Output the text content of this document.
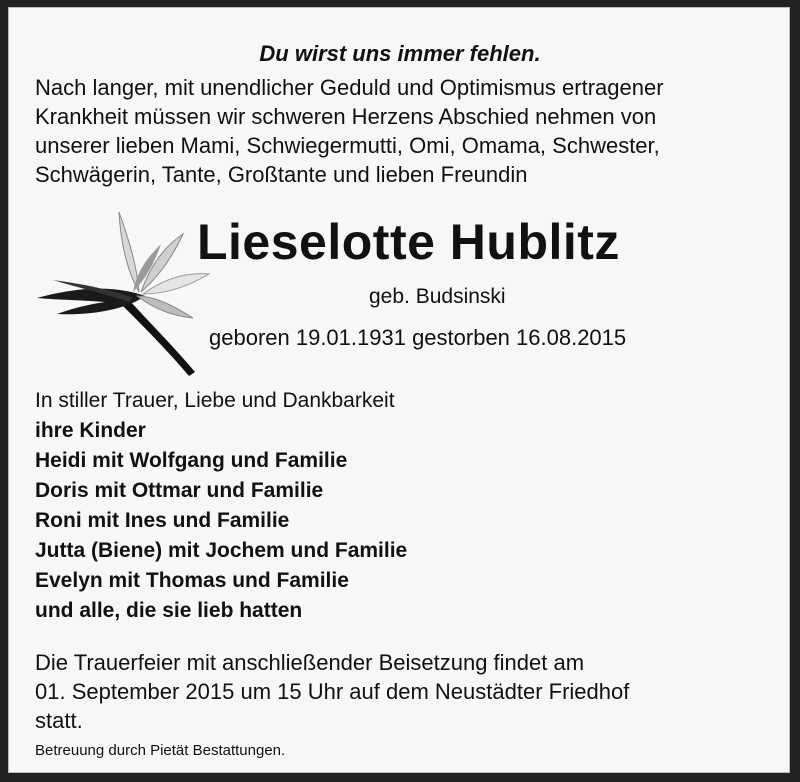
Du wirst uns immer fehlen.
Nach langer, mit unendlicher Geduld und Optimismus ertragener
Krankheit müssen wir schweren Herzens Abschied nehmen von
unserer lieben Mami, Schwiegermutti, Omi, Omama, Schwester,
Schwägerin, Tante, Großtante und lieben Freundin
Lieselotte Hublitz
geb. Budsinski
geboren 19.01.1931 gestorben 16.08.2015
In stiller Trauer, Liebe und Dankbarkeit
ihre Kinder
Heidi mit Wolfgang und Familie
Doris mit Ottmar und Familie
Roni mit Ines und Familie
Jutta (Biene) mit Jochem und Familie
Evelyn mit Thomas und Familie
und alle, die sie lieb hatten
Die Trauerfeier mit anschließender Beisetzung findet am
01. September 2015 um 15 Uhr auf dem Neustädter Friedhof
statt.
Betreuung durch Pietät Bestattungen.
